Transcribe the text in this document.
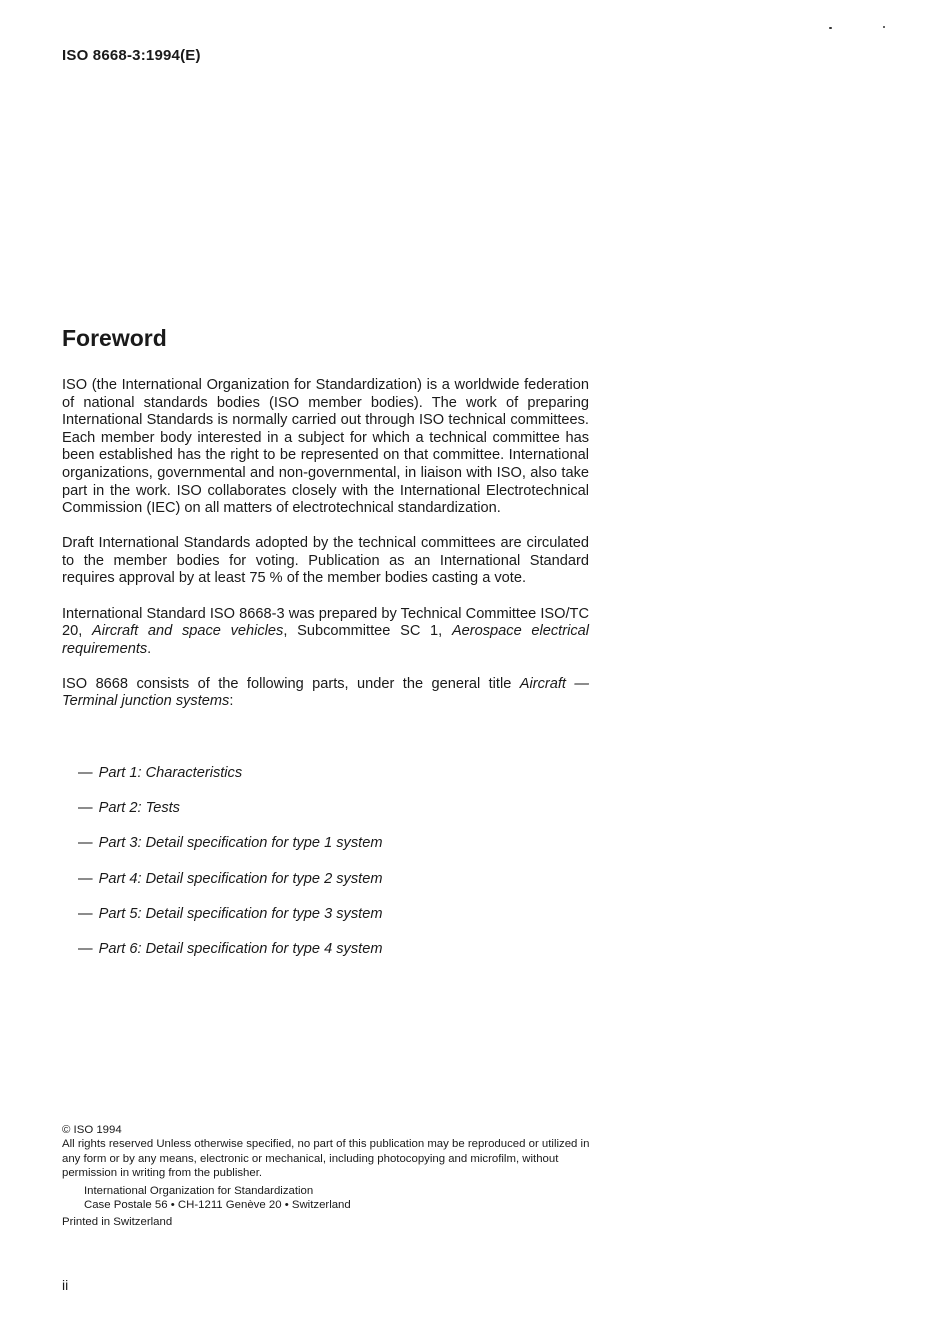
ISO 8668-3:1994(E)
Foreword

ISO (the International Organization for Standardization) is a worldwide federation of national standards bodies (ISO member bodies). The work of preparing International Standards is normally carried out through ISO technical committees. Each member body interested in a subject for which a technical committee has been established has the right to be represented on that committee. International organizations, governmental and non-governmental, in liaison with ISO, also take part in the work. ISO collaborates closely with the International Electrotechnical Commission (IEC) on all matters of electrotechnical standardization.

Draft International Standards adopted by the technical committees are circulated to the member bodies for voting. Publication as an International Standard requires approval by at least 75 % of the member bodies casting a vote.

International Standard ISO 8668-3 was prepared by Technical Committee ISO/TC 20, Aircraft and space vehicles, Subcommittee SC 1, Aerospace electrical requirements.

ISO 8668 consists of the following parts, under the general title Aircraft — Terminal junction systems:

— Part 1: Characteristics
— Part 2: Tests
— Part 3: Detail specification for type 1 system
— Part 4: Detail specification for type 2 system
— Part 5: Detail specification for type 3 system
— Part 6: Detail specification for type 4 system

© ISO 1994

All rights reserved Unless otherwise specified, no part of this publication may be reproduced or utilized in any form or by any means, electronic or mechanical, including photocopying and microfilm, without permission in writing from the publisher.

International Organization for Standardization

Case Postale 56 • CH-1211 Genève 20 • Switzerland

Printed in Switzerland

ii
